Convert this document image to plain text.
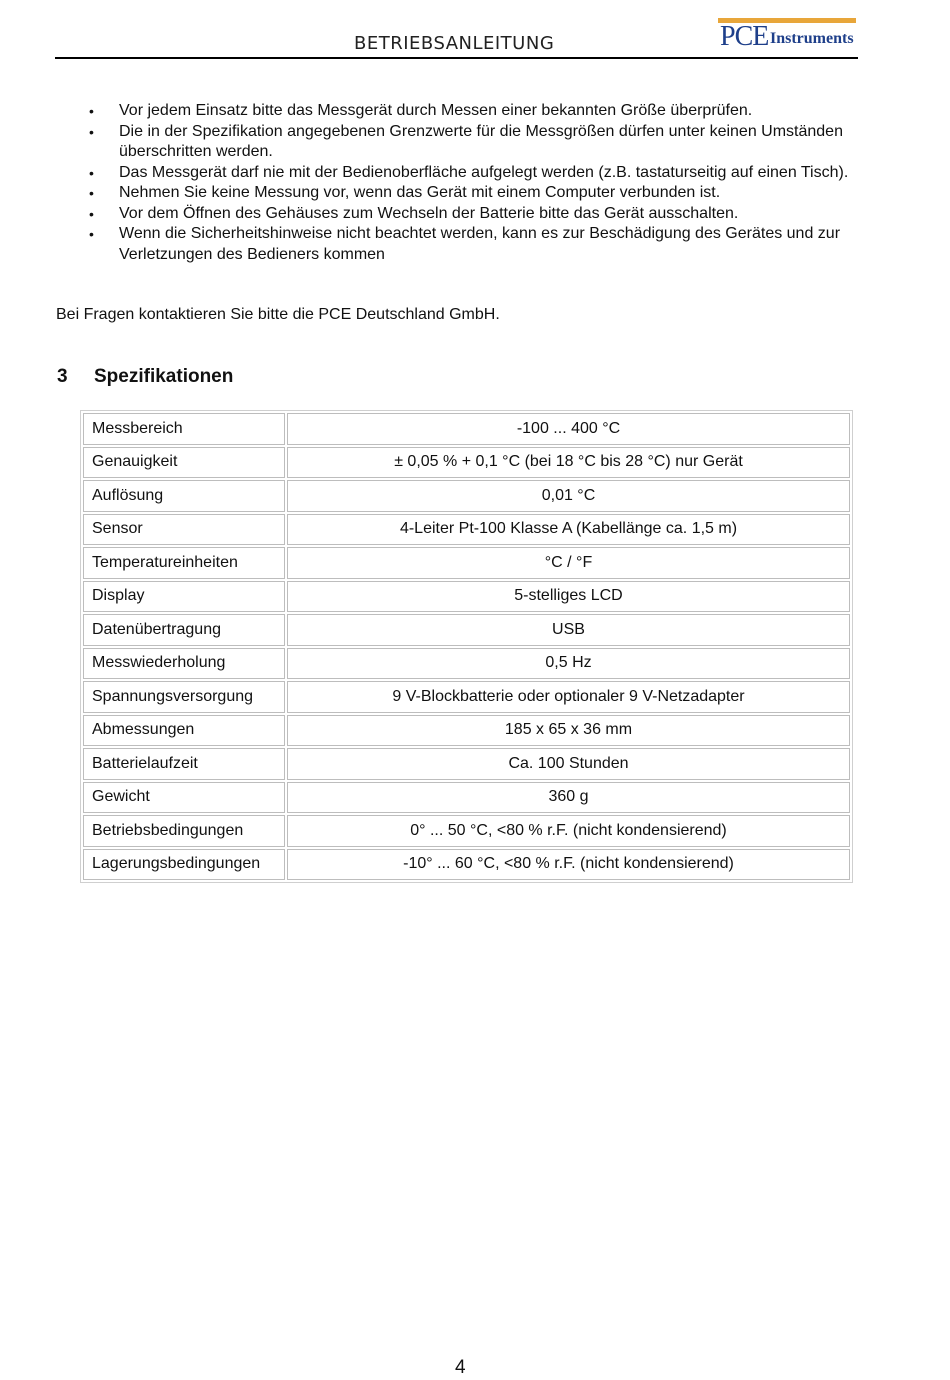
BETRIEBSANLEITUNG	PCE Instruments
• Vor jedem Einsatz bitte das Messgerät durch Messen einer bekannten Größe überprüfen.
• Die in der Spezifikation angegebenen Grenzwerte für die Messgrößen dürfen unter keinen Umständen überschritten werden.
• Das Messgerät darf nie mit der Bedienoberfläche aufgelegt werden (z.B. tastaturseitig auf einen Tisch).
• Nehmen Sie keine Messung vor, wenn das Gerät mit einem Computer verbunden ist.
• Vor dem Öffnen des Gehäuses zum Wechseln der Batterie bitte das Gerät ausschalten.
• Wenn die Sicherheitshinweise nicht beachtet werden, kann es zur Beschädigung des Gerätes und zur Verletzungen des Bedieners kommen
Bei Fragen kontaktieren Sie bitte die PCE Deutschland GmbH.
3 Spezifikationen
Messbereich	-100 ... 400 °C
Genauigkeit	± 0,05 % + 0,1 °C (bei 18 °C bis 28 °C) nur Gerät
Auflösung	0,01 °C
Sensor	4-Leiter Pt-100 Klasse A (Kabellänge ca. 1,5 m)
Temperatureinheiten	°C / °F
Display	5-stelliges LCD
Datenübertragung	USB
Messwiederholung	0,5 Hz
Spannungsversorgung	9 V-Blockbatterie oder optionaler 9 V-Netzadapter
Abmessungen	185 x 65 x 36 mm
Batterielaufzeit	Ca. 100 Stunden
Gewicht	360 g
Betriebsbedingungen	0° ... 50 °C, <80 % r.F. (nicht kondensierend)
Lagerungsbedingungen	-10° ... 60 °C, <80 % r.F. (nicht kondensierend)
4
